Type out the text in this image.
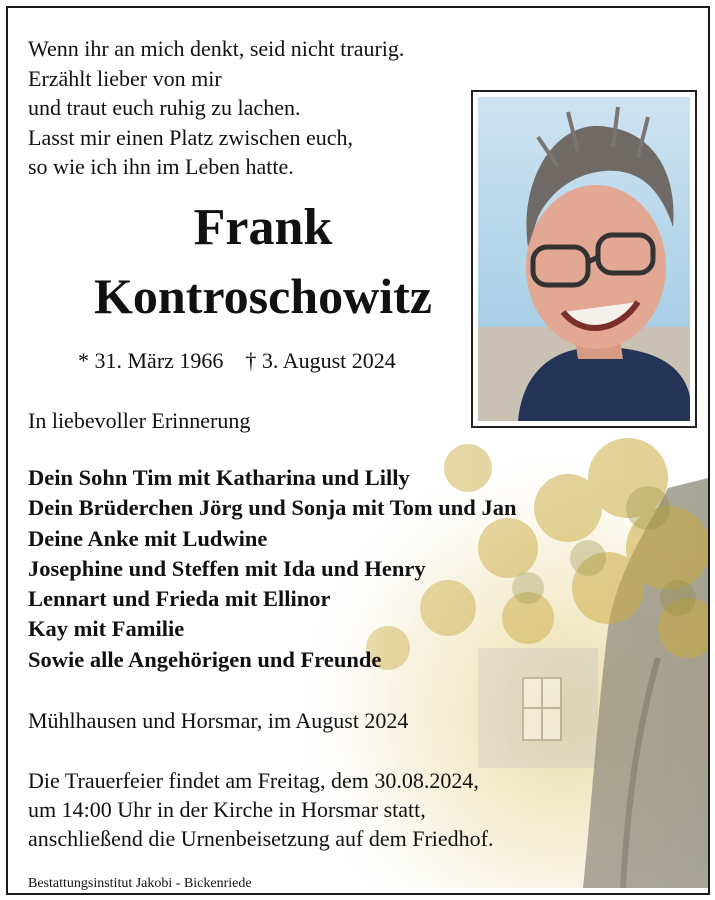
Wenn ihr an mich denkt, seid nicht traurig.
Erzählt lieber von mir
und traut euch ruhig zu lachen.
Lasst mir einen Platz zwischen euch,
so wie ich ihn im Leben hatte.
Frank
Kontroschowitz
* 31. März 1966 † 3. August 2024
In liebevoller Erinnerung
Dein Sohn Tim mit Katharina und Lilly
Dein Brüderchen Jörg und Sonja mit Tom und Jan
Deine Anke mit Ludwine
Josephine und Steffen mit Ida und Henry
Lennart und Frieda mit Ellinor
Kay mit Familie
Sowie alle Angehörigen und Freunde
Mühlhausen und Horsmar, im August 2024
Die Trauerfeier findet am Freitag, dem 30.08.2024,
um 14:00 Uhr in der Kirche in Horsmar statt,
anschließend die Urnenbeisetzung auf dem Friedhof.
Bestattungsinstitut Jakobi - Bickenriede
